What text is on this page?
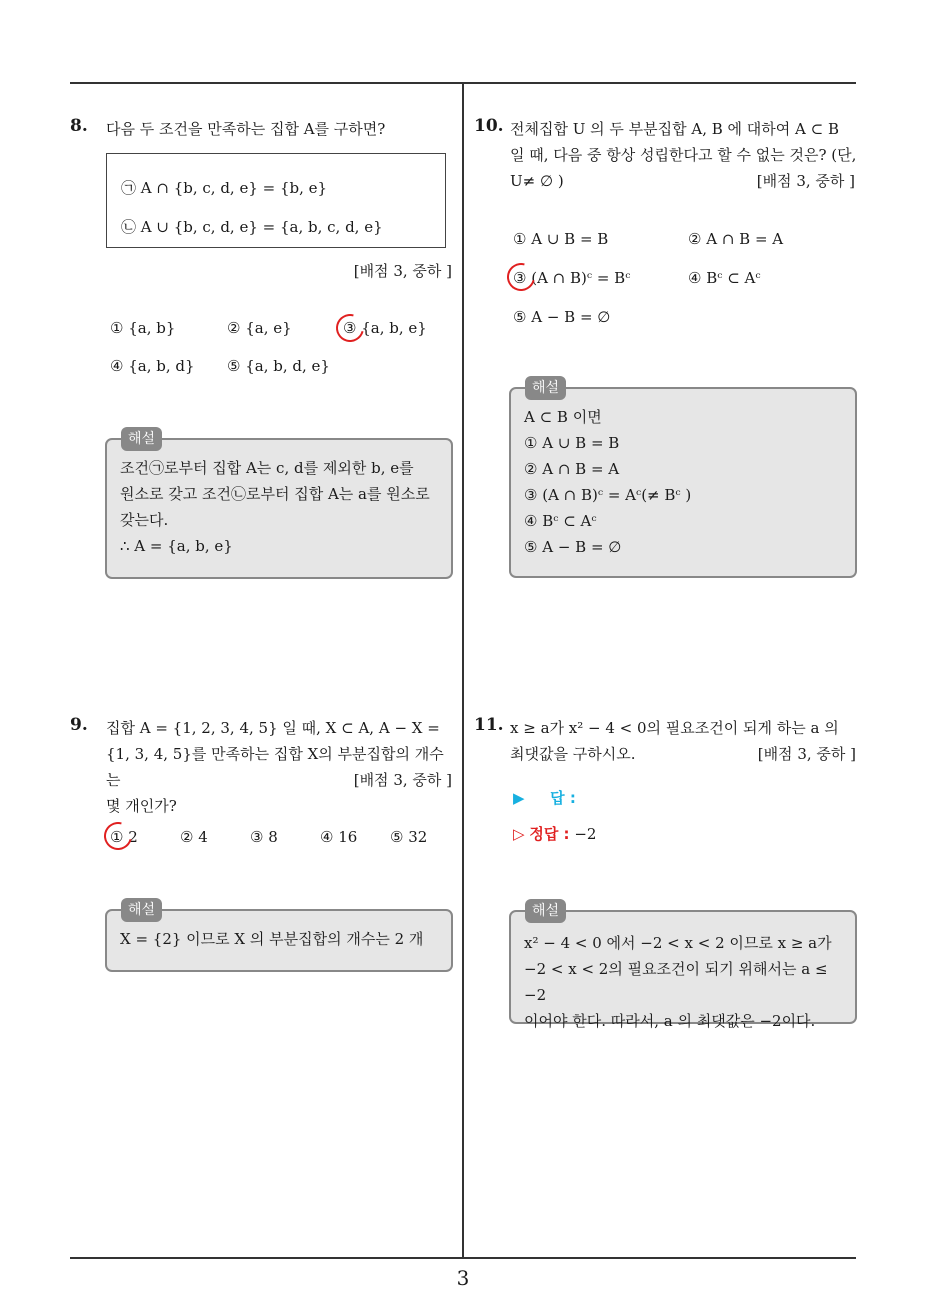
3
8. 다음 두 조건을 만족하는 집합 A를 구하면?
㉠ A ∩ {b, c, d, e} = {b, e}
㉡ A ∪ {b, c, d, e} = {a, b, c, d, e}
[배점 3, 중하 ]
① {a, b}	② {a, e}	③ {a, b, e}
④ {a, b, d} ⑤ {a, b, d, e}
해설

조건㉠로부터 집합 A는 c, d를 제외한 b, e를

원소로 갖고 조건㉡로부터 집합 A는 a를 원소로

갖는다.

∴ A = {a, b, e}

9. 집합 A = {1, 2, 3, 4, 5} 일 때, X ⊂ A, A − X =

{1, 3, 4, 5}를 만족하는 집합 X의 부분집합의 개수는

몇 개인가?

[배점 3, 중하 ]
① 2	② 4	③ 8	④ 16 ⑤ 32
해설

X = {2} 이므로 X 의 부분집합의 개수는 2 개

10. 전체집합 U 의 두 부분집합 A, B 에 대하여 A ⊂ B

일 때, 다음 중 항상 성립한다고 할 수 없는 것은? (단,

U≠ ∅ )	[배점 3, 중하 ]
① A ∪ B = B	② A ∩ B = A
③ (A ∩ B)ᶜ = Bᶜ	④ Bᶜ ⊂ Aᶜ
⑤ A − B = ∅
해설

A ⊂ B 이면

① A ∪ B = B

② A ∩ B = A

③ (A ∩ B)ᶜ = Aᶜ(≠ Bᶜ )

④ Bᶜ ⊂ Aᶜ

⑤ A − B = ∅

11. x ≥ a가 x² − 4 < 0의 필요조건이 되게 하는 a 의

최댓값을 구하시오.	[배점 3, 중하 ]
▶ 답 :
▷ 정답 : −2
해설

x² − 4 < 0 에서 −2 < x < 2 이므로 x ≥ a가

−2 < x < 2의 필요조건이 되기 위해서는 a ≤ −2

이어야 한다. 따라서, a 의 최댓값은 −2이다.
